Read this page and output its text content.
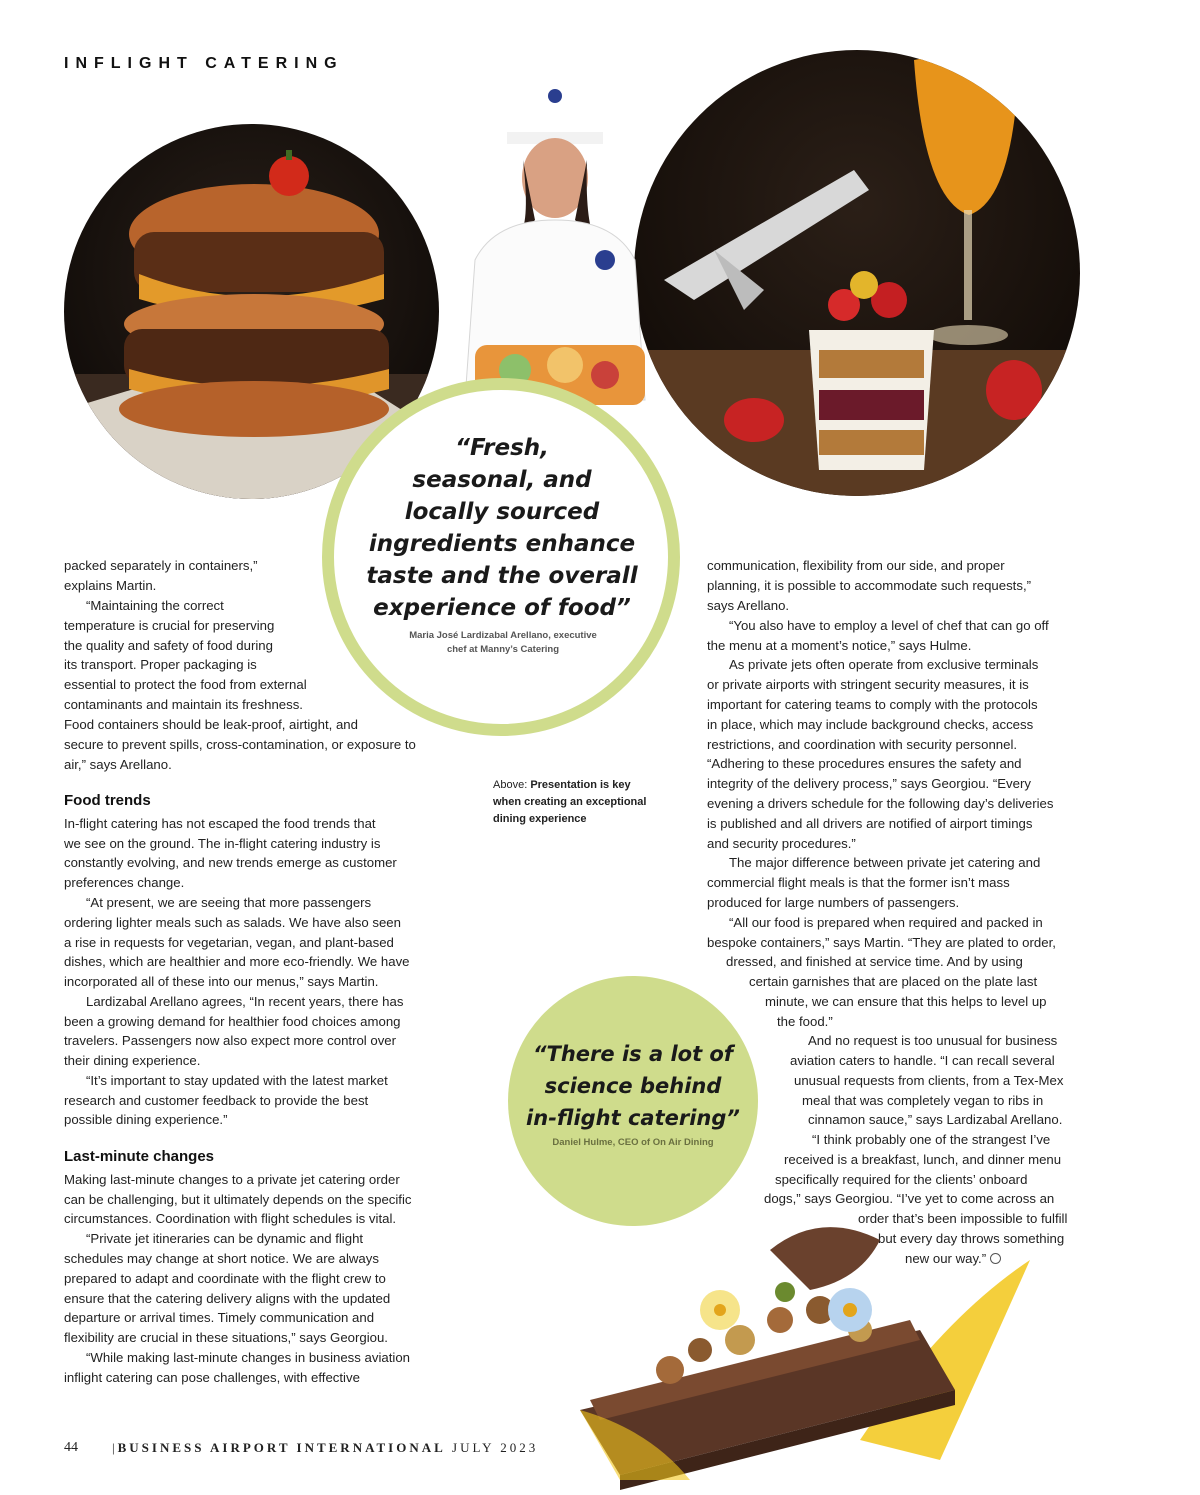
INFLIGHT CATERING
“Fresh,
seasonal, and
locally sourced
ingredients enhance
taste and the overall
experience of food”
Maria José Lardizabal Arellano, executive
chef at Manny’s Catering
Above: Presentation is key
when creating an exceptional
dining experience
“There is a lot of
science behind
in-flight catering”
Daniel Hulme, CEO of On Air Dining
packed separately in containers,”
explains Martin.
“Maintaining the correct
temperature is crucial for preserving
the quality and safety of food during
its transport. Proper packaging is
essential to protect the food from external
contaminants and maintain its freshness.
Food containers should be leak-proof, airtight, and
secure to prevent spills, cross-contamination, or exposure to
air,” says Arellano.
Food trends
In-flight catering has not escaped the food trends that
we see on the ground. The in-flight catering industry is
constantly evolving, and new trends emerge as customer
preferences change.
“At present, we are seeing that more passengers
ordering lighter meals such as salads. We have also seen
a rise in requests for vegetarian, vegan, and plant-based
dishes, which are healthier and more eco-friendly. We have
incorporated all of these into our menus,” says Martin.
Lardizabal Arellano agrees, “In recent years, there has
been a growing demand for healthier food choices among
travelers. Passengers now also expect more control over
their dining experience.
“It’s important to stay updated with the latest market
research and customer feedback to provide the best
possible dining experience.”
Last-minute changes
Making last-minute changes to a private jet catering order
can be challenging, but it ultimately depends on the specific
circumstances. Coordination with flight schedules is vital.
“Private jet itineraries can be dynamic and flight
schedules may change at short notice. We are always
prepared to adapt and coordinate with the flight crew to
ensure that the catering delivery aligns with the updated
departure or arrival times. Timely communication and
flexibility are crucial in these situations,” says Georgiou.
“While making last-minute changes in business aviation
inflight catering can pose challenges, with effective
communication, flexibility from our side, and proper
planning, it is possible to accommodate such requests,”
says Arellano.
“You also have to employ a level of chef that can go off
the menu at a moment’s notice,” says Hulme.
As private jets often operate from exclusive terminals
or private airports with stringent security measures, it is
important for catering teams to comply with the protocols
in place, which may include background checks, access
restrictions, and coordination with security personnel.
“Adhering to these procedures ensures the safety and
integrity of the delivery process,” says Georgiou. “Every
evening a drivers schedule for the following day’s deliveries
is published and all drivers are notified of airport timings
and security procedures.”
The major difference between private jet catering and
commercial flight meals is that the former isn’t mass
produced for large numbers of passengers.
“All our food is prepared when required and packed in
bespoke containers,” says Martin. “They are plated to order,
dressed, and finished at service time. And by using
certain garnishes that are placed on the plate last
minute, we can ensure that this helps to level up
the food.”
And no request is too unusual for business
aviation caters to handle. “I can recall several
unusual requests from clients, from a Tex-Mex
meal that was completely vegan to ribs in
cinnamon sauce,” says Lardizabal Arellano.
“I think probably one of the strangest I’ve
received is a breakfast, lunch, and dinner menu
specifically required for the clients’ onboard
dogs,” says Georgiou. “I’ve yet to come across an
order that’s been impossible to fulfill
but every day throws something
new our way.”
44	|BUSINESS AIRPORT INTERNATIONAL JULY 2023
